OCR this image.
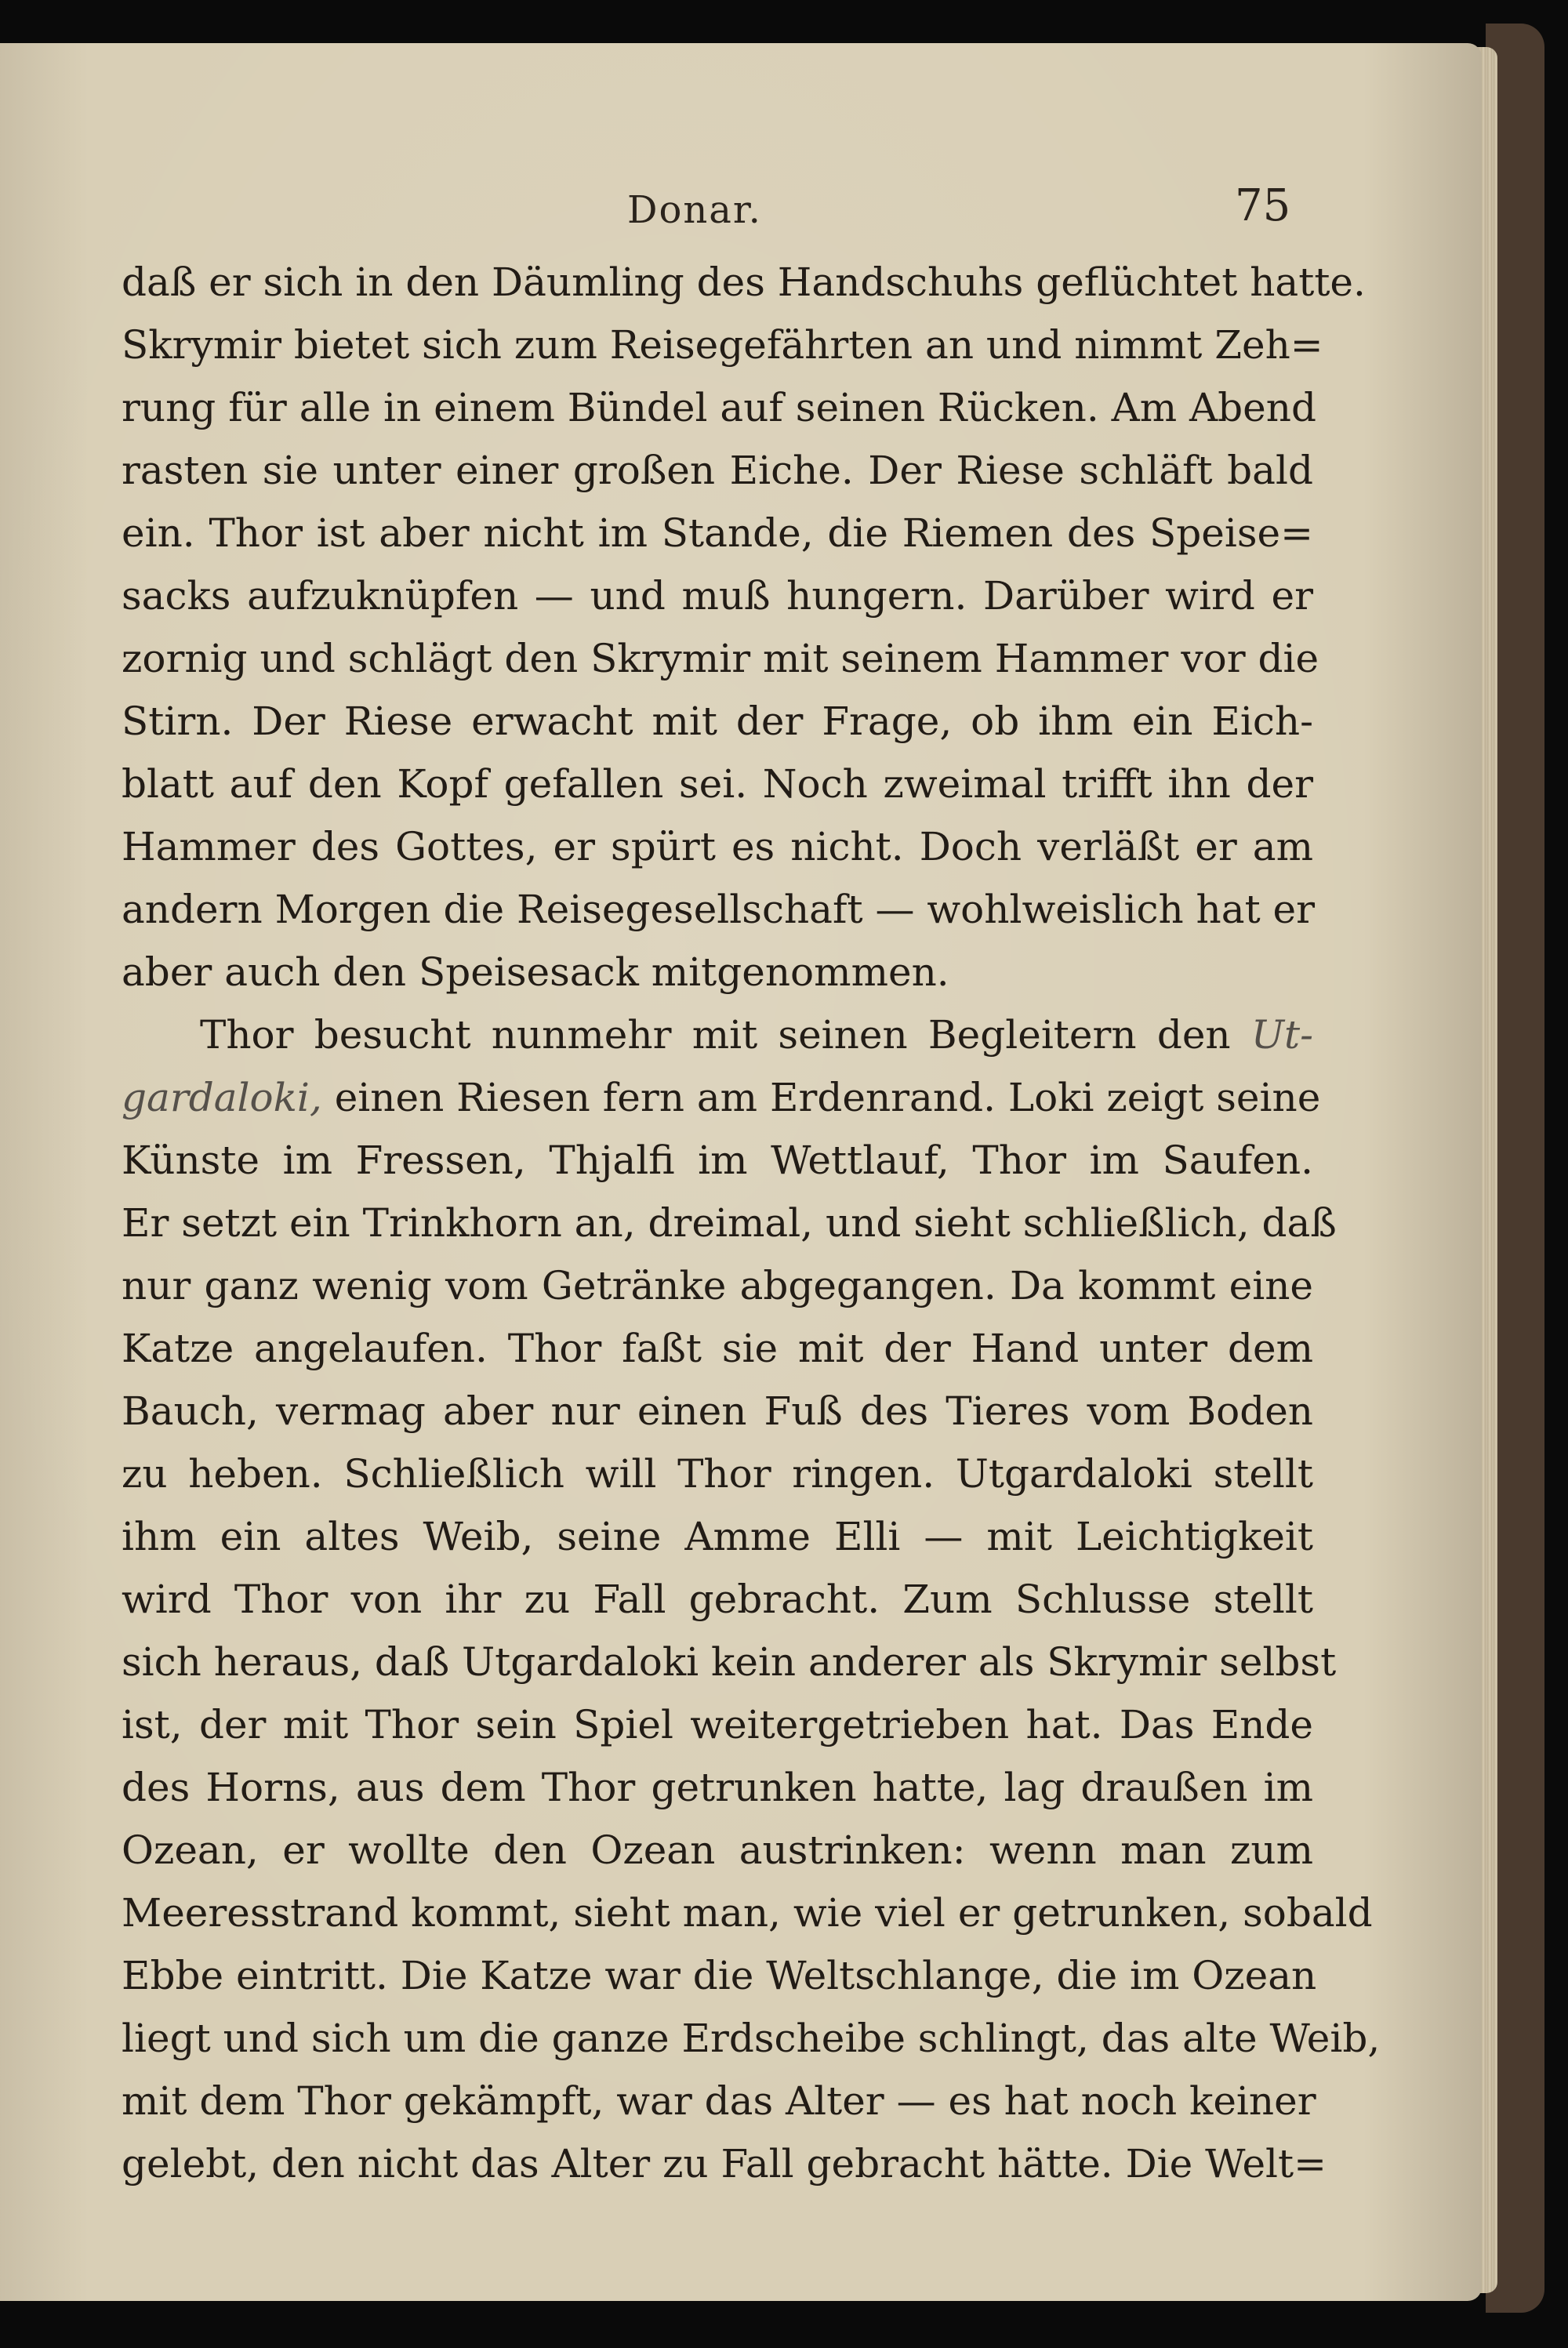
Donar.	75
daß er sich in den Däumling des Handschuhs geflüchtet hatte.
Skrymir bietet sich zum Reisegefährten an und nimmt Zeh=
rung für alle in einem Bündel auf seinen Rücken. Am Abend
rasten sie unter einer großen Eiche. Der Riese schläft bald
ein. Thor ist aber nicht im Stande, die Riemen des Speise=
sacks aufzuknüpfen — und muß hungern. Darüber wird er
zornig und schlägt den Skrymir mit seinem Hammer vor die
Stirn. Der Riese erwacht mit der Frage, ob ihm ein Eich-
blatt auf den Kopf gefallen sei. Noch zweimal trifft ihn der
Hammer des Gottes, er spürt es nicht. Doch verläßt er am
andern Morgen die Reisegesellschaft — wohlweislich hat er
aber auch den Speisesack mitgenommen.
Thor besucht nunmehr mit seinen Begleitern den Ut-
gardaloki, einen Riesen fern am Erdenrand. Loki zeigt seine
Künste im Fressen, Thjalfi im Wettlauf, Thor im Saufen.
Er setzt ein Trinkhorn an, dreimal, und sieht schließlich, daß
nur ganz wenig vom Getränke abgegangen. Da kommt eine
Katze angelaufen. Thor faßt sie mit der Hand unter dem
Bauch, vermag aber nur einen Fuß des Tieres vom Boden
zu heben. Schließlich will Thor ringen. Utgardaloki stellt
ihm ein altes Weib, seine Amme Elli — mit Leichtigkeit
wird Thor von ihr zu Fall gebracht. Zum Schlusse stellt
sich heraus, daß Utgardaloki kein anderer als Skrymir selbst
ist, der mit Thor sein Spiel weitergetrieben hat. Das Ende
des Horns, aus dem Thor getrunken hatte, lag draußen im
Ozean, er wollte den Ozean austrinken: wenn man zum
Meeresstrand kommt, sieht man, wie viel er getrunken, sobald
Ebbe eintritt. Die Katze war die Weltschlange, die im Ozean
liegt und sich um die ganze Erdscheibe schlingt, das alte Weib,
mit dem Thor gekämpft, war das Alter — es hat noch keiner
gelebt, den nicht das Alter zu Fall gebracht hätte. Die Welt=
